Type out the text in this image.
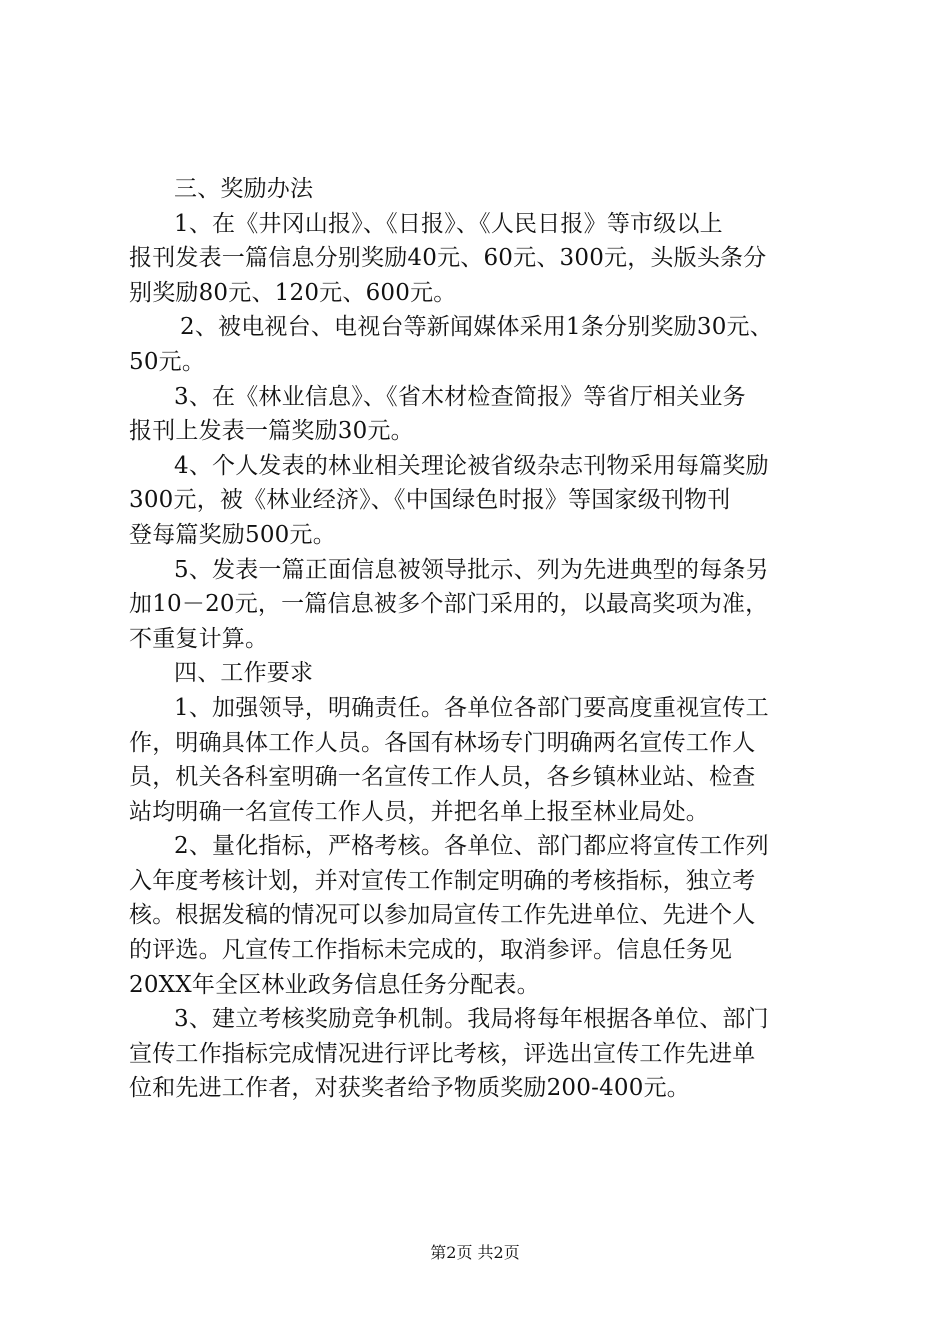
三、奖励办法
1、在《井冈山报》、《日报》、《人民日报》等市级以上
报刊发表一篇信息分别奖励40元、60元、300元，头版头条分
别奖励80元、120元、600元。
2、被电视台、电视台等新闻媒体采用1条分别奖励30元、
50元。
3、在《林业信息》、《省木材检查简报》等省厅相关业务
报刊上发表一篇奖励30元。
4、个人发表的林业相关理论被省级杂志刊物采用每篇奖励
300元，被《林业经济》、《中国绿色时报》等国家级刊物刊
登每篇奖励500元。
5、发表一篇正面信息被领导批示、列为先进典型的每条另
加10－20元，一篇信息被多个部门采用的，以最高奖项为准，
不重复计算。
四、工作要求
1、加强领导，明确责任。各单位各部门要高度重视宣传工
作，明确具体工作人员。各国有林场专门明确两名宣传工作人
员，机关各科室明确一名宣传工作人员，各乡镇林业站、检查
站均明确一名宣传工作人员，并把名单上报至林业局处。
2、量化指标，严格考核。各单位、部门都应将宣传工作列
入年度考核计划，并对宣传工作制定明确的考核指标，独立考
核。根据发稿的情况可以参加局宣传工作先进单位、先进个人
的评选。凡宣传工作指标未完成的，取消参评。信息任务见
20XX年全区林业政务信息任务分配表。
3、建立考核奖励竞争机制。我局将每年根据各单位、部门
宣传工作指标完成情况进行评比考核，评选出宣传工作先进单
位和先进工作者，对获奖者给予物质奖励200-400元。
第2页 共2页
